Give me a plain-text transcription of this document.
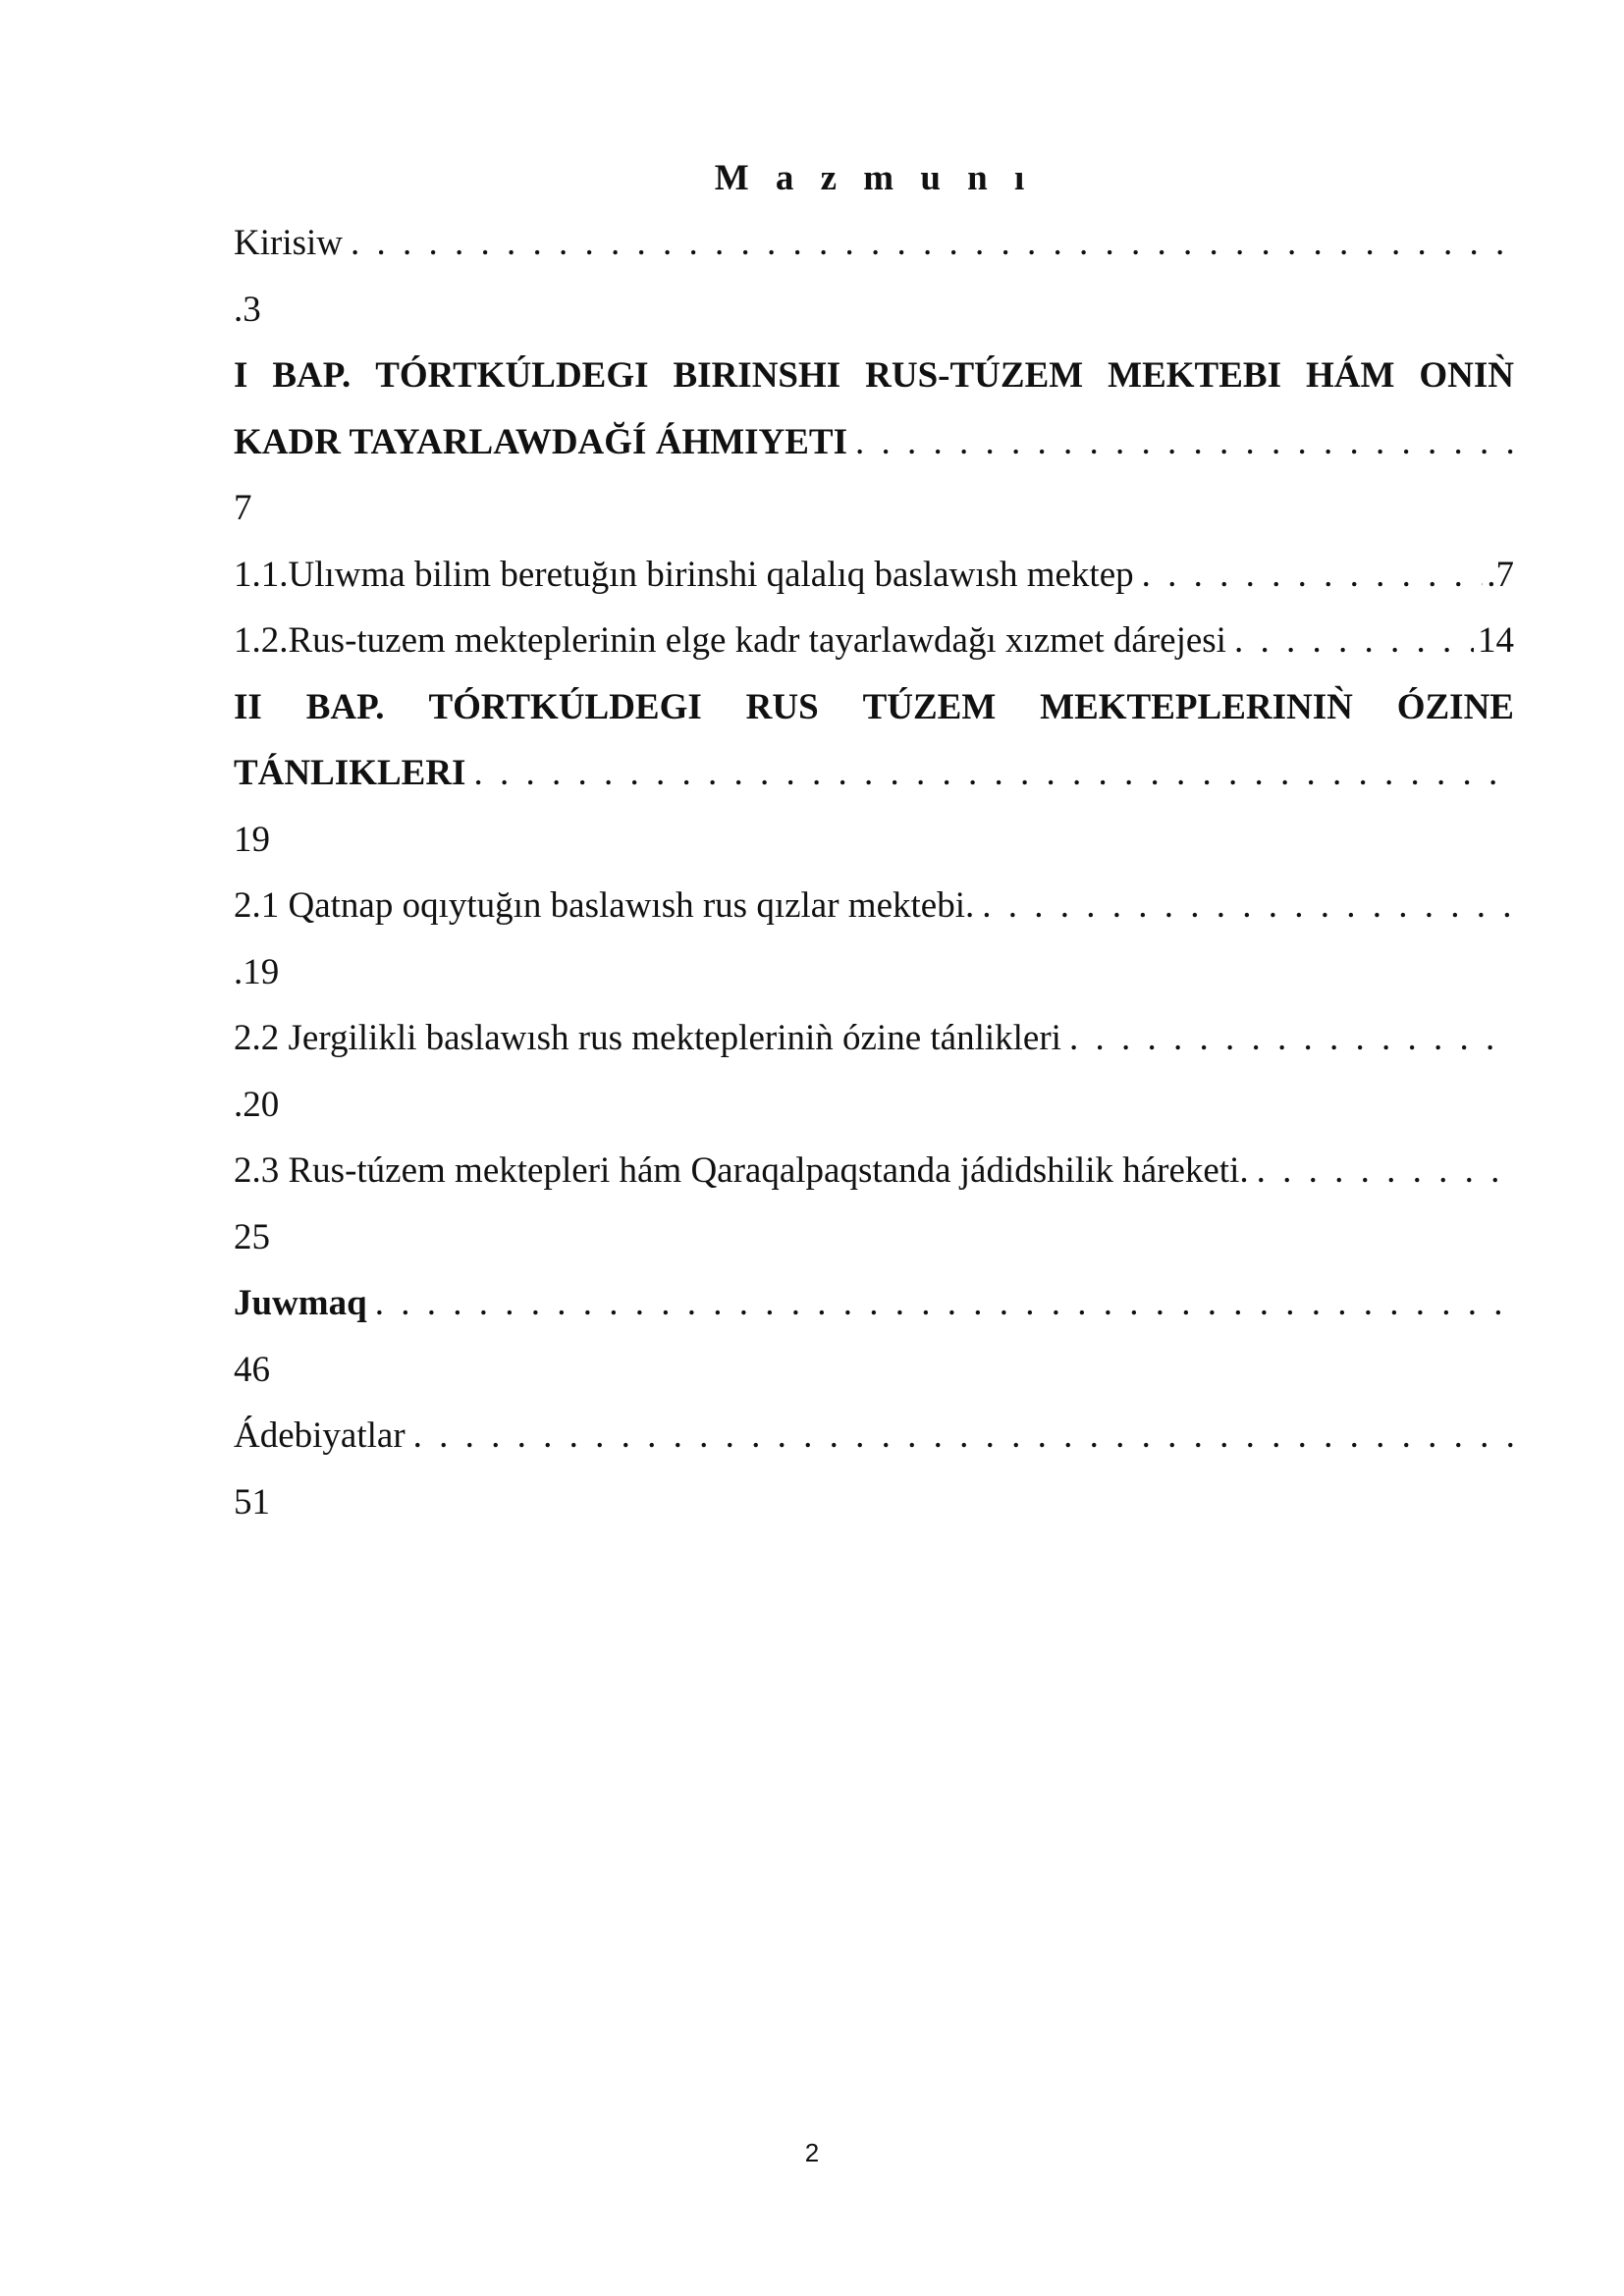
M a z m u n ı
Kirisiw
. . .
.3
I BAP. TÓRTKÚLDEGI BIRINSHI RUS-TÚZEM MEKTEBI HÁM ONIǸ
KADR TAYARLAWDAĞÍ ÁHMIYETI
. . .
7
1.1. Ulıwma bilim beretuğın birinshi qalalıq baslawısh mektep . . .	.7
1.2. Rus-tuzem mekteplerinin elge kadr tayarlawdağı xızmet dárejesi . . .	14
II BAP. TÓRTKÚLDEGI RUS TÚZEM MEKTEPLERINIǸ ÓZINE
TÁNLIKLERI
. . .
19
2.1 Qatnap oqıytuğın baslawısh rus qızlar mektebi.
. . .
.19
2.2 Jergilikli baslawısh rus mektepleriniǹ ózine tánlikleri
. . .
.20
2.3 Rus-túzem mektepleri hám Qaraqalpaqstanda jádidshilik háreketi.
. . .
25
Juwmaq
. . .
46
Ádebiyatlar
. . .
51
2
